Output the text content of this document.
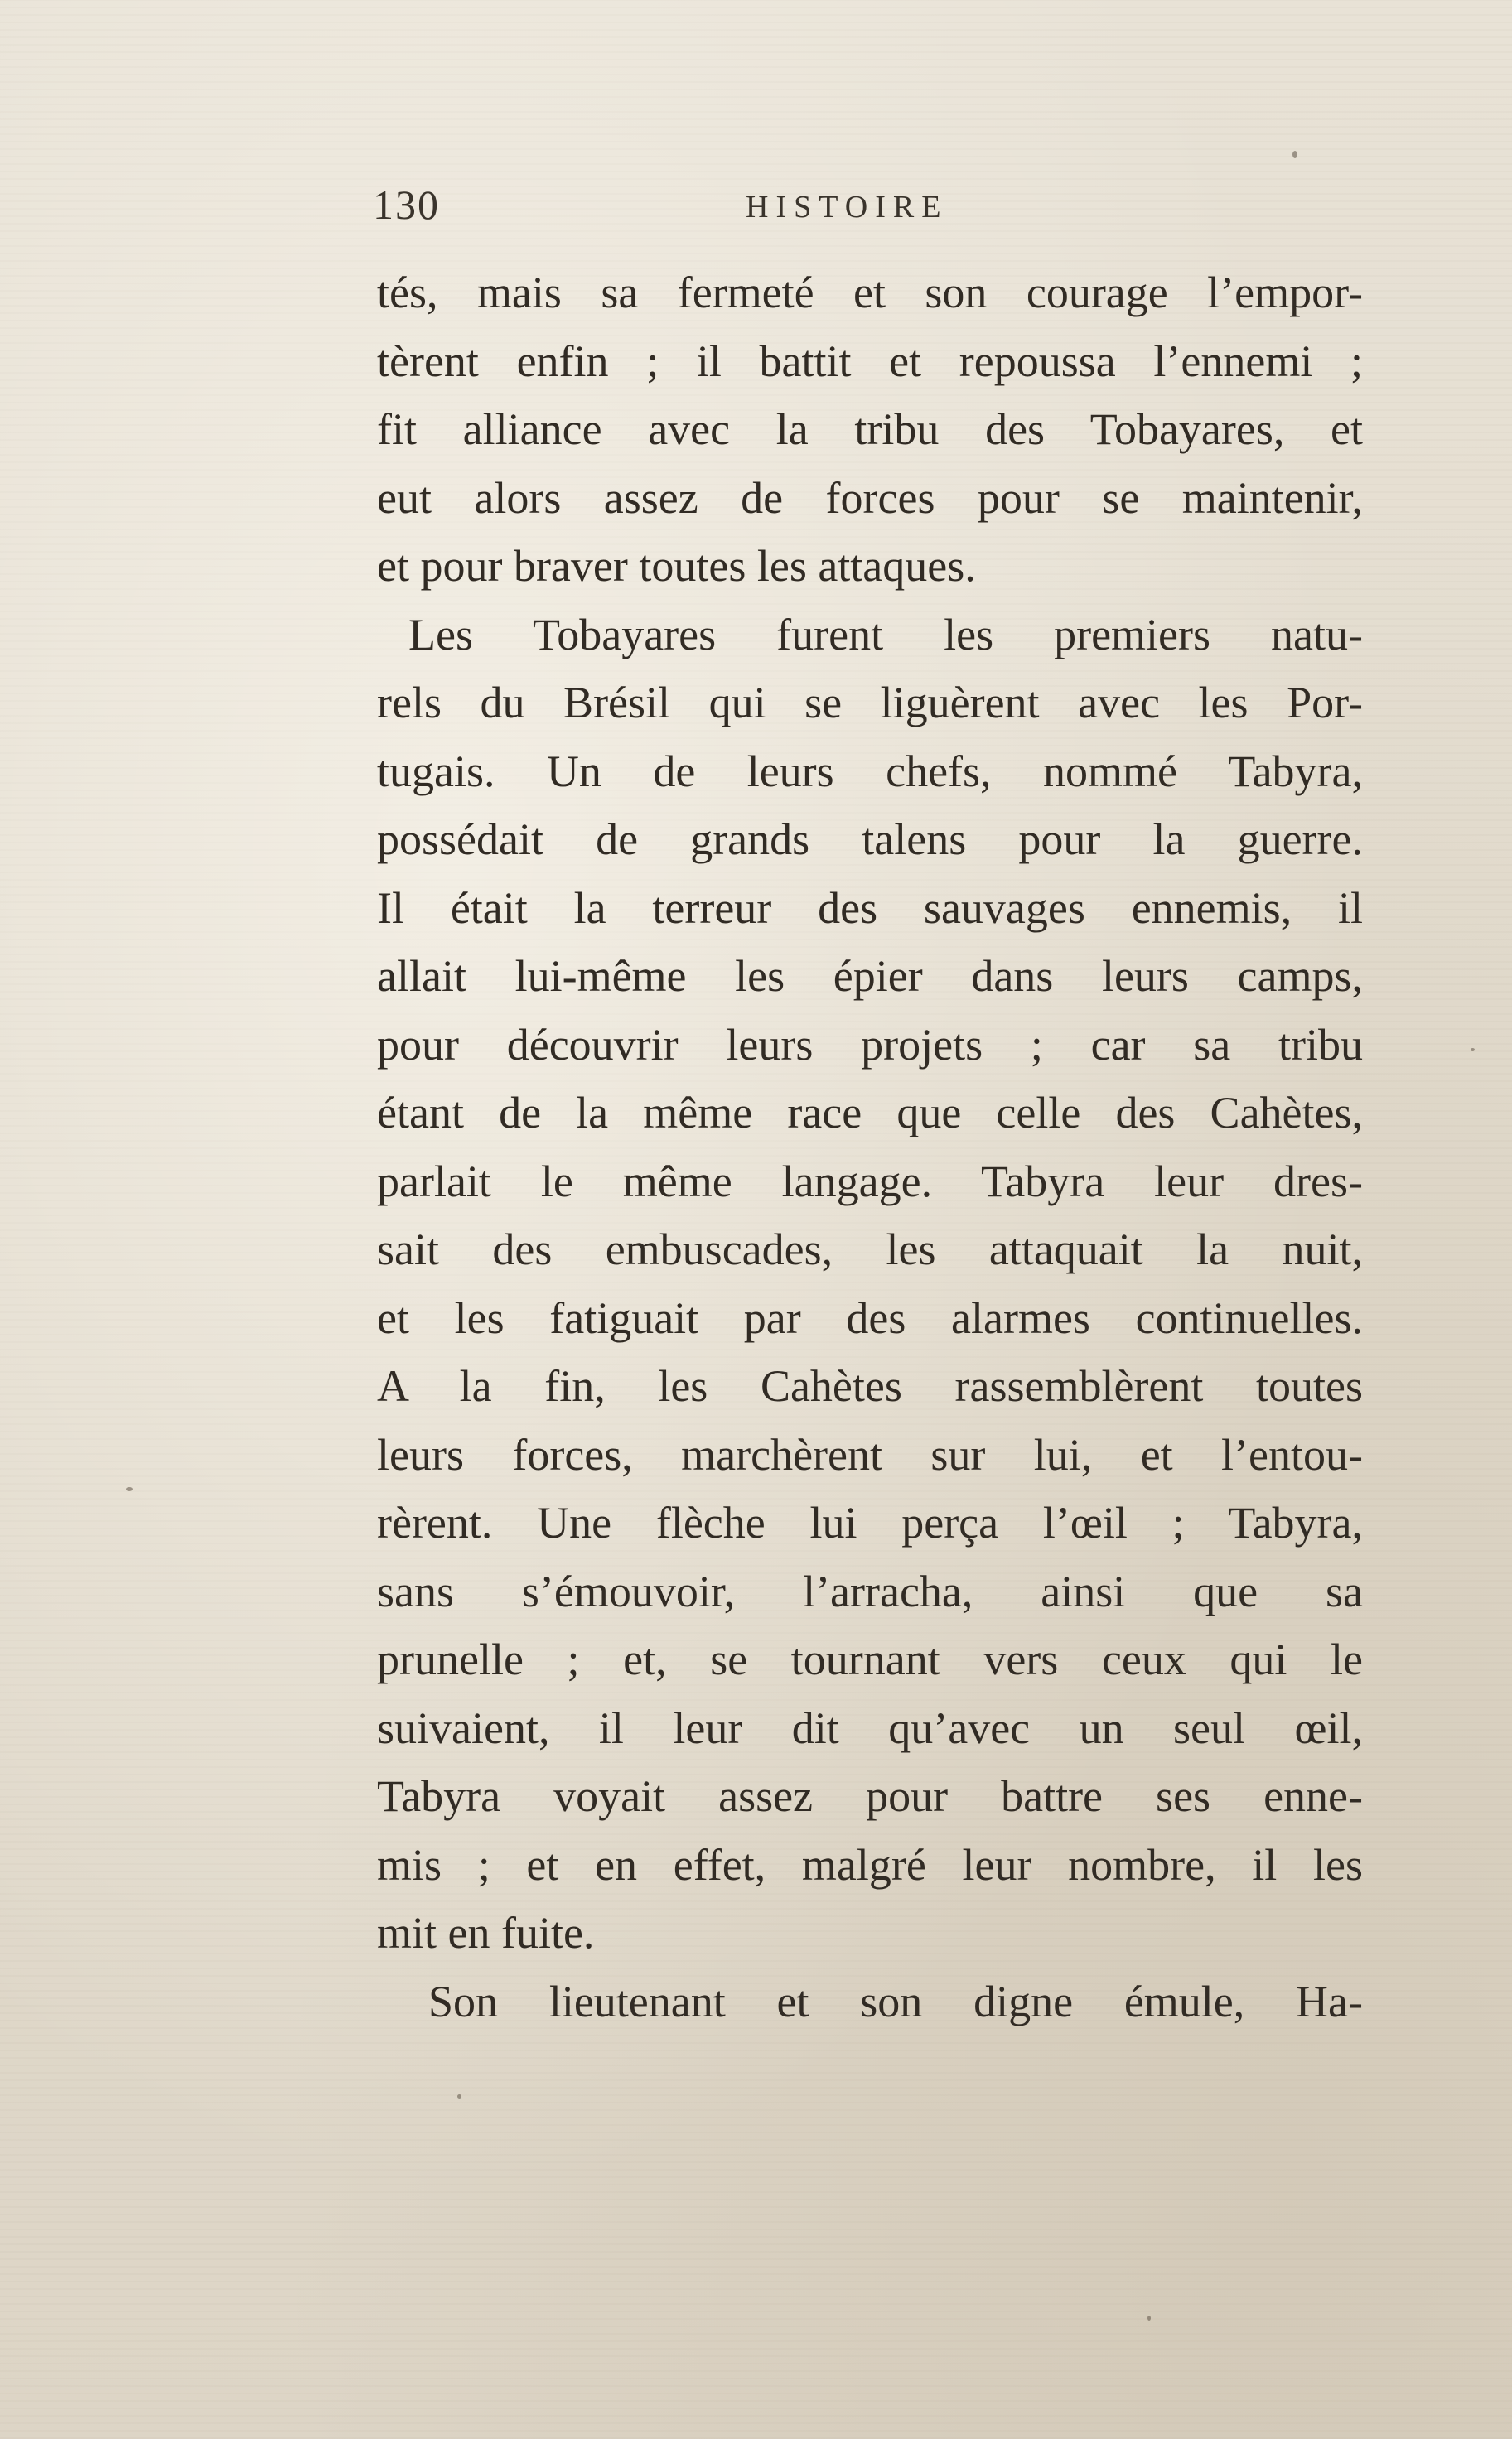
130	HISTOIRE
tés, mais sa fermeté et son courage l’empor-
tèrent enfin ; il battit et repoussa l’ennemi ;
fit alliance avec la tribu des Tobayares, et
eut alors assez de forces pour se maintenir,
et pour braver toutes les attaques.
Les Tobayares furent les premiers natu-
rels du Brésil qui se liguèrent avec les Por-
tugais. Un de leurs chefs, nommé Tabyra,
possédait de grands talens pour la guerre.
Il était la terreur des sauvages ennemis, il
allait lui-même les épier dans leurs camps,
pour découvrir leurs projets ; car sa tribu
étant de la même race que celle des Cahètes,
parlait le même langage. Tabyra leur dres-
sait des embuscades, les attaquait la nuit,
et les fatiguait par des alarmes continuelles.
A la fin, les Cahètes rassemblèrent toutes
leurs forces, marchèrent sur lui, et l’entou-
rèrent. Une flèche lui perça l’œil ; Tabyra,
sans s’émouvoir, l’arracha, ainsi que sa
prunelle ; et, se tournant vers ceux qui le
suivaient, il leur dit qu’avec un seul œil,
Tabyra voyait assez pour battre ses enne-
mis ; et en effet, malgré leur nombre, il les
mit en fuite.
Son lieutenant et son digne émule, Ha-
